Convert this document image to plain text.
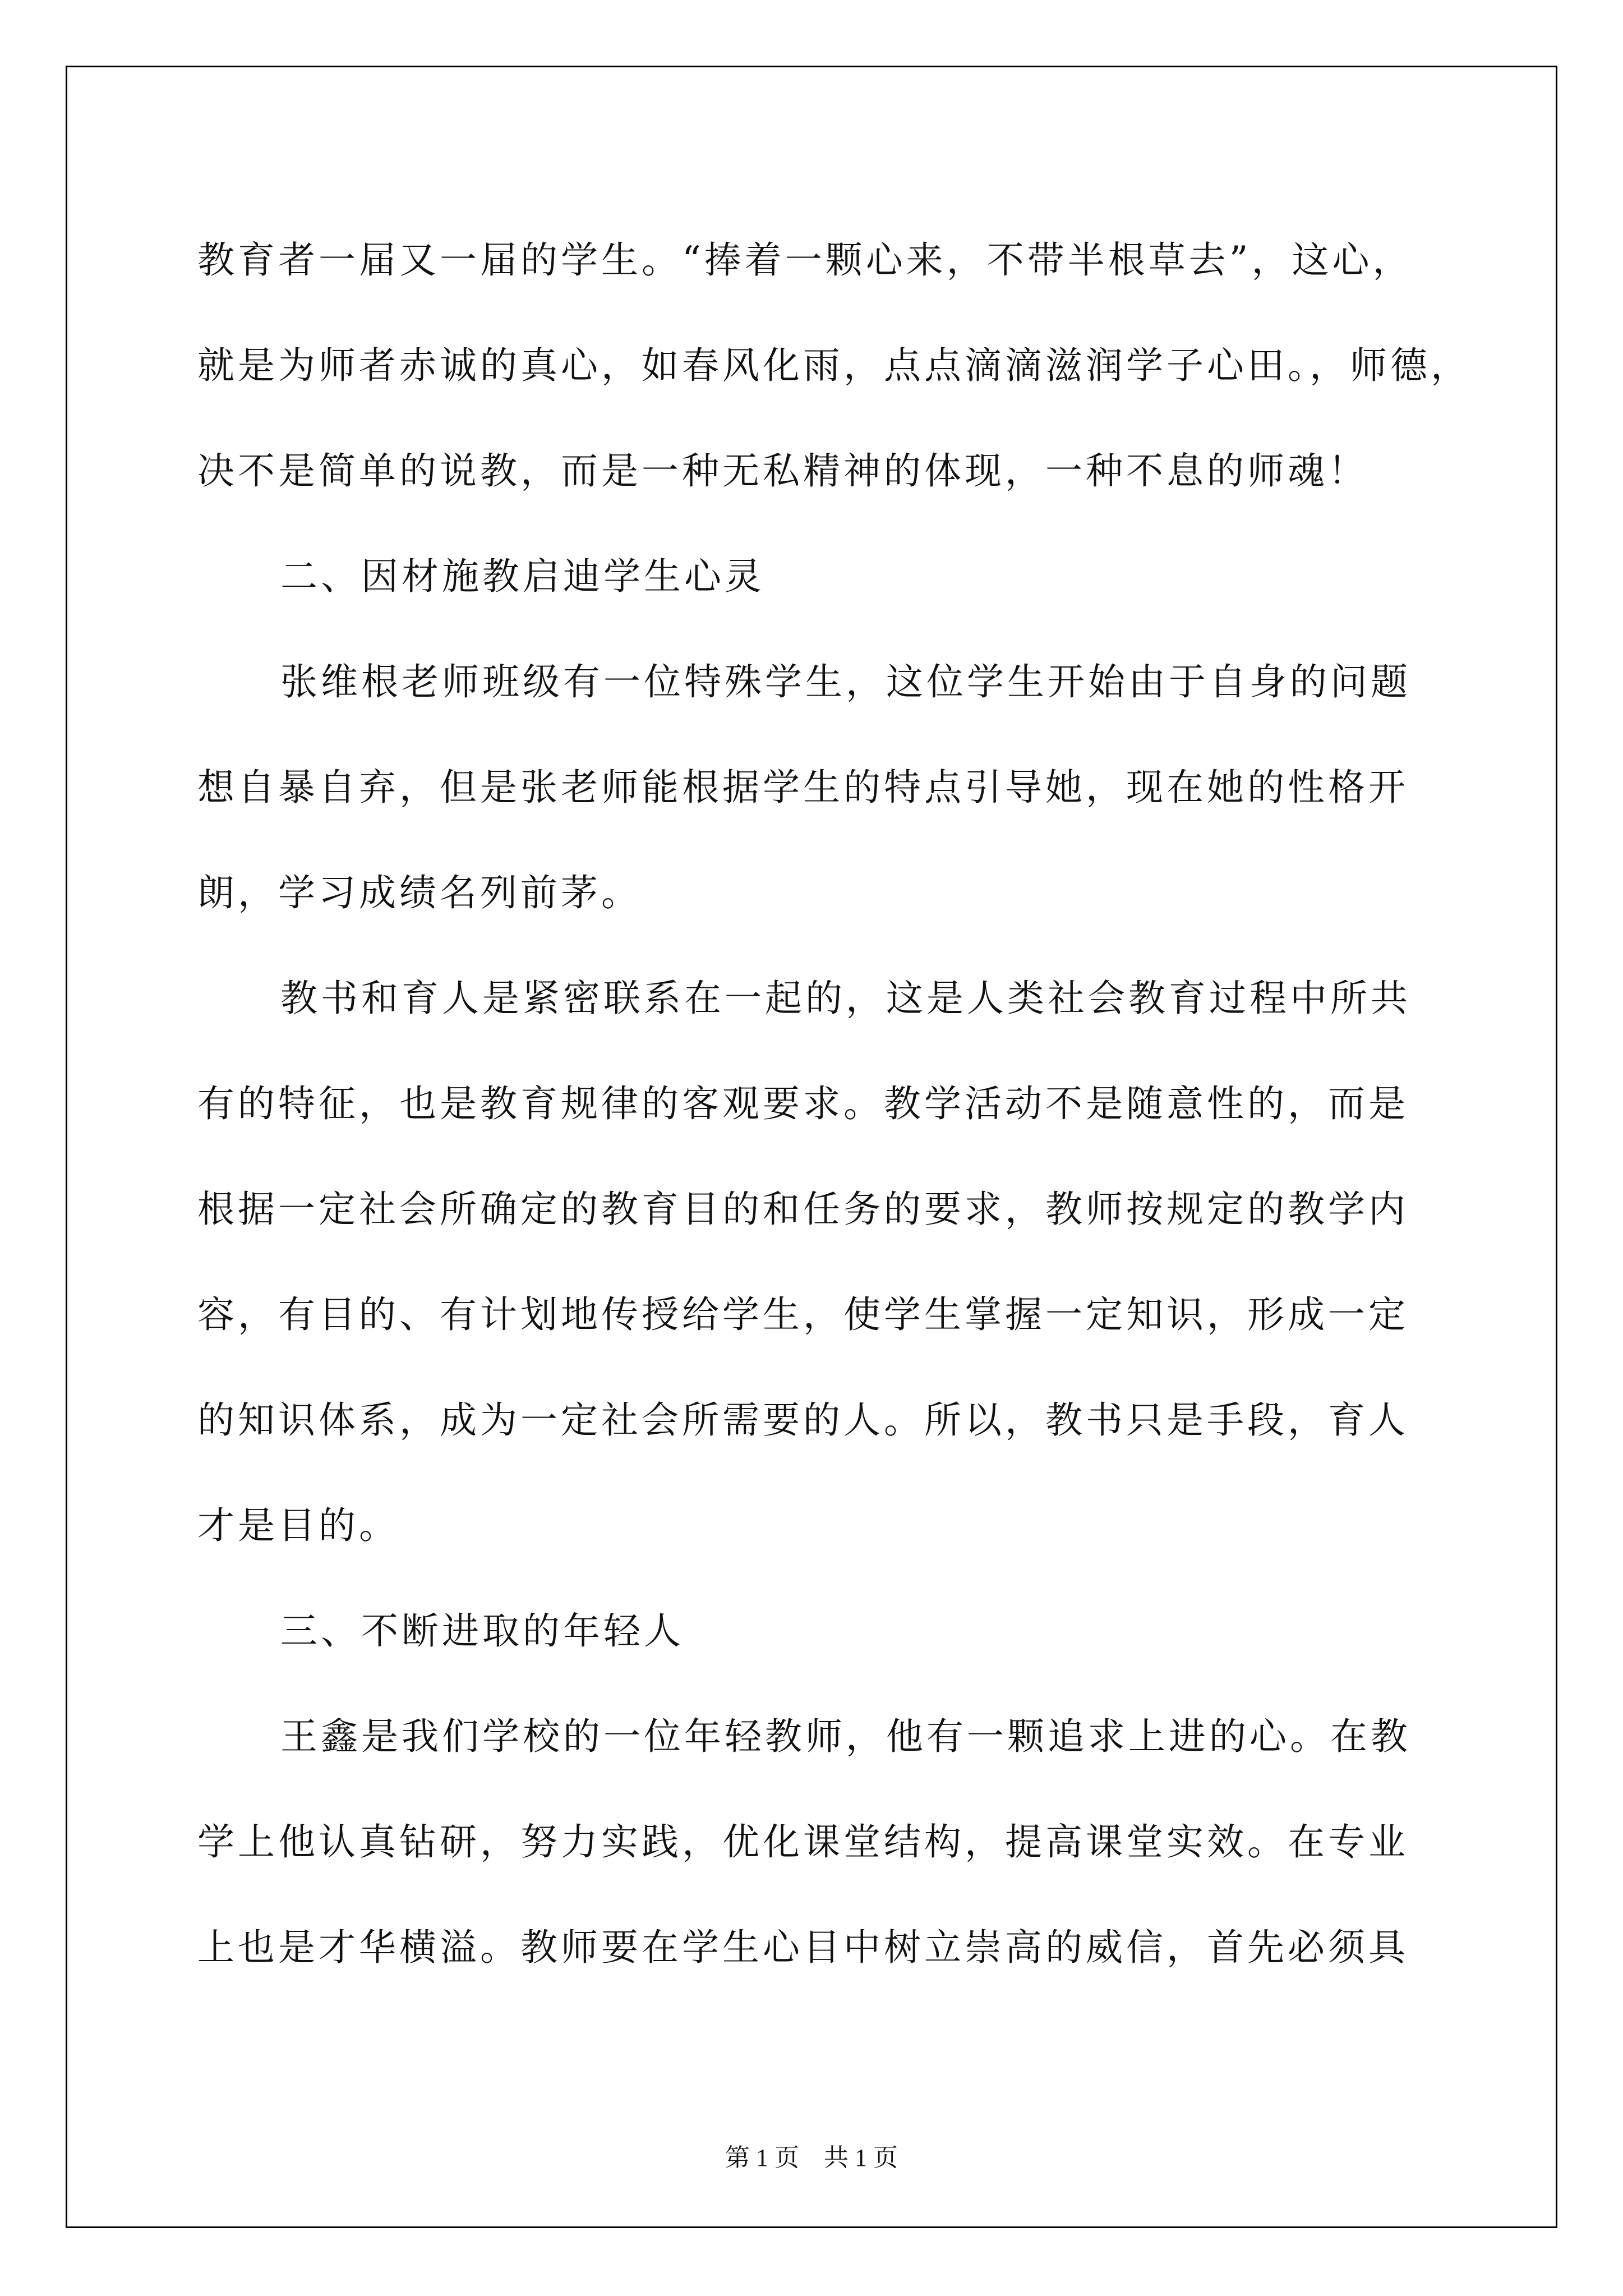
教育者一届又一届的学生。“捧着一颗心来，不带半根草去”，这心，

就是为师者赤诚的真心，如春风化雨，点点滴滴滋润学子心田。，师德，

决不是简单的说教，而是一种无私精神的体现，一种不息的师魂！

二、因材施教启迪学生心灵

张维根老师班级有一位特殊学生，这位学生开始由于自身的问题想自暴自弃，但是张老师能根据学生的特点引导她，现在她的性格开朗，学习成绩名列前茅。

教书和育人是紧密联系在一起的，这是人类社会教育过程中所共有的特征，也是教育规律的客观要求。教学活动不是随意性的，而是根据一定社会所确定的教育目的和任务的要求，教师按规定的教学内容，有目的、有计划地传授给学生，使学生掌握一定知识，形成一定的知识体系，成为一定社会所需要的人。所以，教书只是手段，育人才是目的。

三、不断进取的年轻人

王鑫是我们学校的一位年轻教师，他有一颗追求上进的心。在教学上他认真钻研，努力实践，优化课堂结构，提高课堂实效。在专业上也是才华横溢。教师要在学生心目中树立崇高的威信，首先必须具

第 1 页　共 1 页
